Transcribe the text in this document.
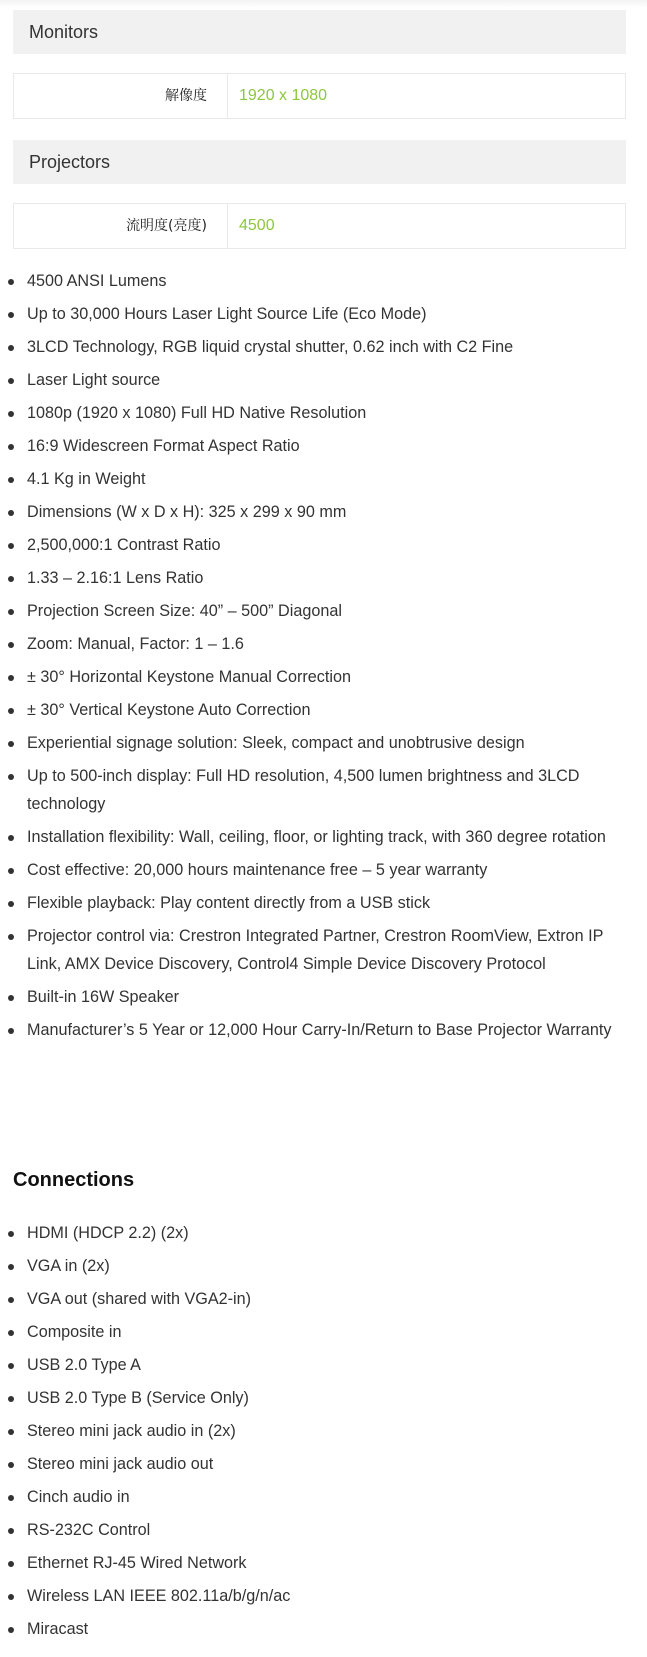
Monitors
解像度	1920 x 1080
Projectors
流明度(亮度)	4500
4500 ANSI Lumens
Up to 30,000 Hours Laser Light Source Life (Eco Mode)
3LCD Technology, RGB liquid crystal shutter, 0.62 inch with C2 Fine
Laser Light source
1080p (1920 x 1080) Full HD Native Resolution
16:9 Widescreen Format Aspect Ratio
4.1 Kg in Weight
Dimensions (W x D x H): 325 x 299 x 90 mm
2,500,000:1 Contrast Ratio
1.33 – 2.16:1 Lens Ratio
Projection Screen Size: 40” – 500” Diagonal
Zoom: Manual, Factor: 1 – 1.6
± 30° Horizontal Keystone Manual Correction
± 30° Vertical Keystone Auto Correction
Experiential signage solution: Sleek, compact and unobtrusive design
Up to 500-inch display: Full HD resolution, 4,500 lumen brightness and 3LCD technology
Installation flexibility: Wall, ceiling, floor, or lighting track, with 360 degree rotation
Cost effective: 20,000 hours maintenance free – 5 year warranty
Flexible playback: Play content directly from a USB stick
Projector control via: Crestron Integrated Partner, Crestron RoomView, Extron IP Link, AMX Device Discovery, Control4 Simple Device Discovery Protocol
Built-in 16W Speaker
Manufacturer’s 5 Year or 12,000 Hour Carry-In/Return to Base Projector Warranty
Connections
HDMI (HDCP 2.2) (2x)
VGA in (2x)
VGA out (shared with VGA2-in)
Composite in
USB 2.0 Type A
USB 2.0 Type B (Service Only)
Stereo mini jack audio in (2x)
Stereo mini jack audio out
Cinch audio in
RS-232C Control
Ethernet RJ-45 Wired Network
Wireless LAN IEEE 802.11a/b/g/n/ac
Miracast
